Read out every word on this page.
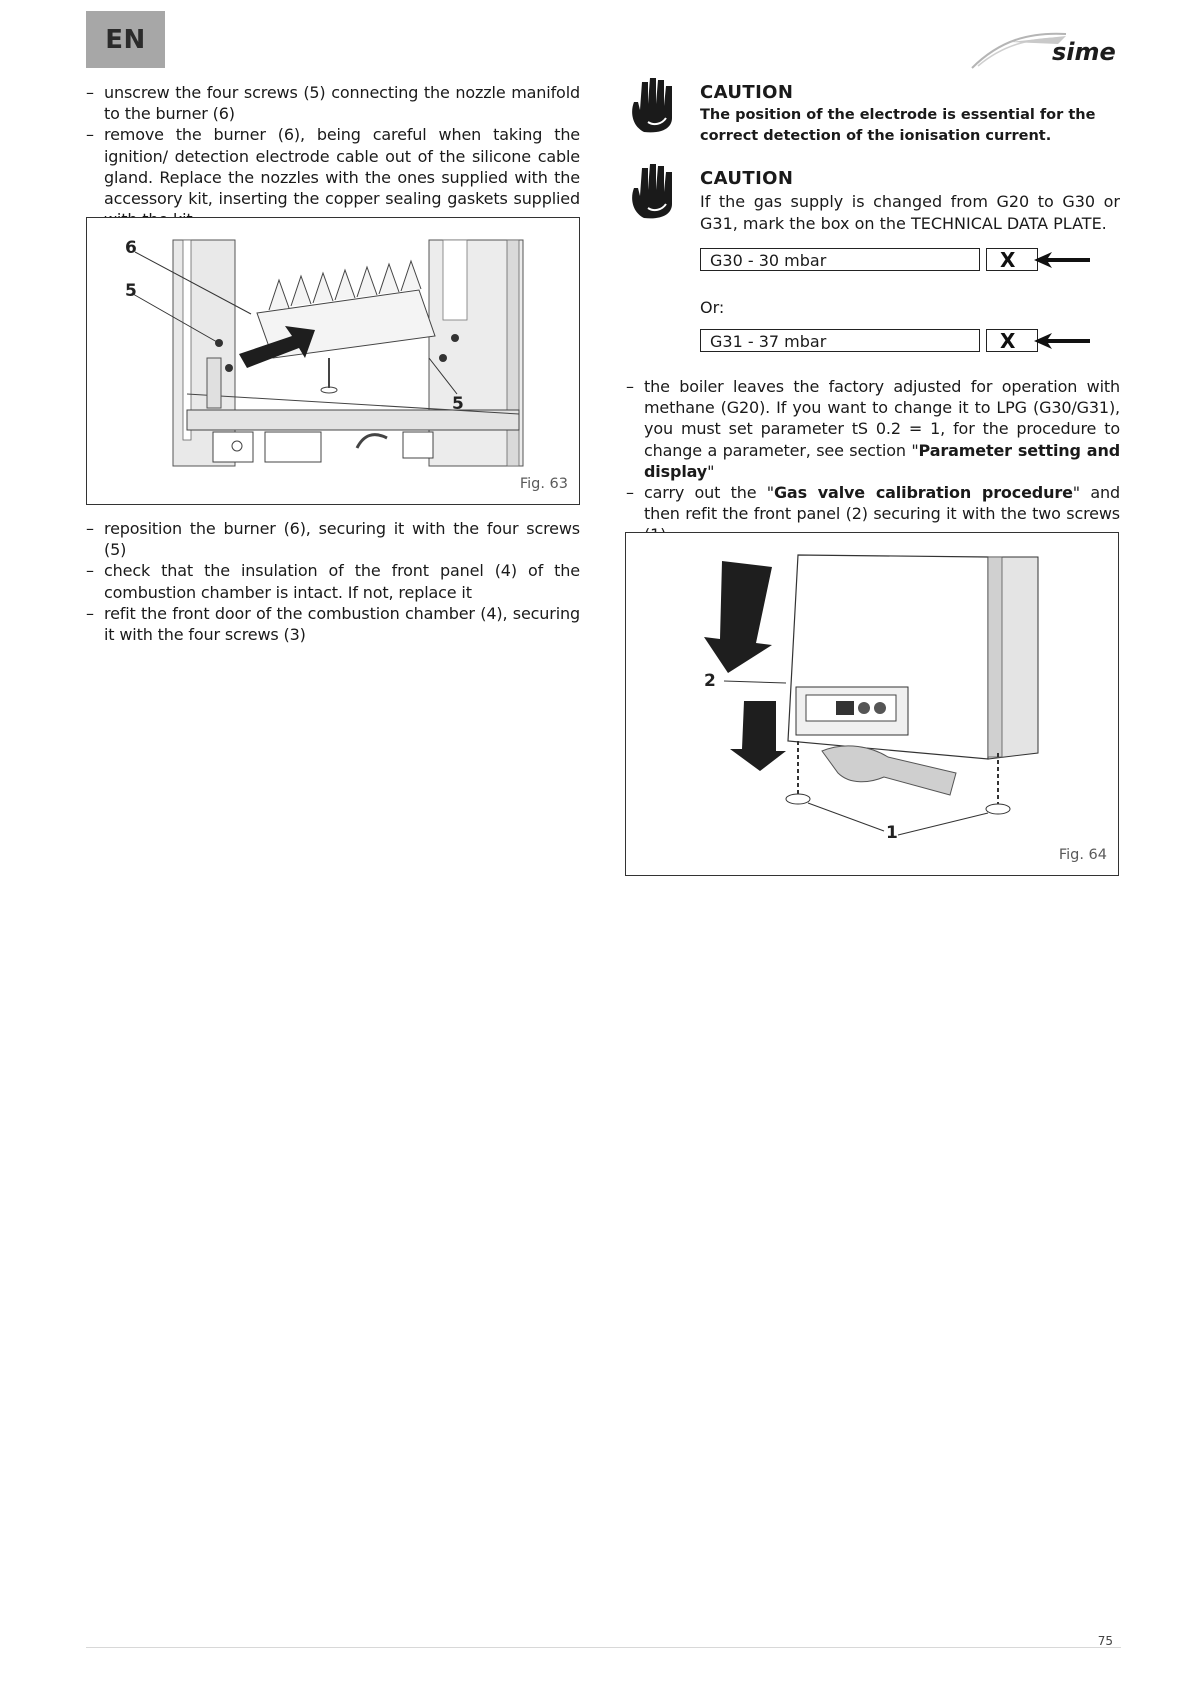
EN	sime
– unscrew the four screws (5) connecting the nozzle manifold to the burner (6)
– remove the burner (6), being careful when taking the ignition/ detection electrode cable out of the silicone cable gland. Replace the nozzles with the ones supplied with the accessory kit, inserting the copper sealing gaskets supplied
6
5
5
Fig. 63
– reposition the burner (6), securing it with the four screws (5)
– check that the insulation of the front panel (4) of the combustion chamber is intact. If not, replace it
– refit the front door of the combustion chamber (4), securing it with the four screws (3)
CAUTION
The position of the electrode is essential for the correct detection of the ionisation current.
CAUTION
If the gas supply is changed from G20 to G30 or G31, mark the box on the TECHNICAL DATA PLATE.
G30 - 30 mbar	X
Or:
G31 - 37 mbar	X
– the boiler leaves the factory adjusted for operation with methane (G20). If you want to change it to LPG (G30/G31), you must set parameter tS 0.2 = 1, for the procedure to change a parameter, see section "Parameter setting and display"
– carry out the "Gas valve calibration procedure" and then refit the front panel (2) securing it with the two screws
2
1
Fig. 64
75
